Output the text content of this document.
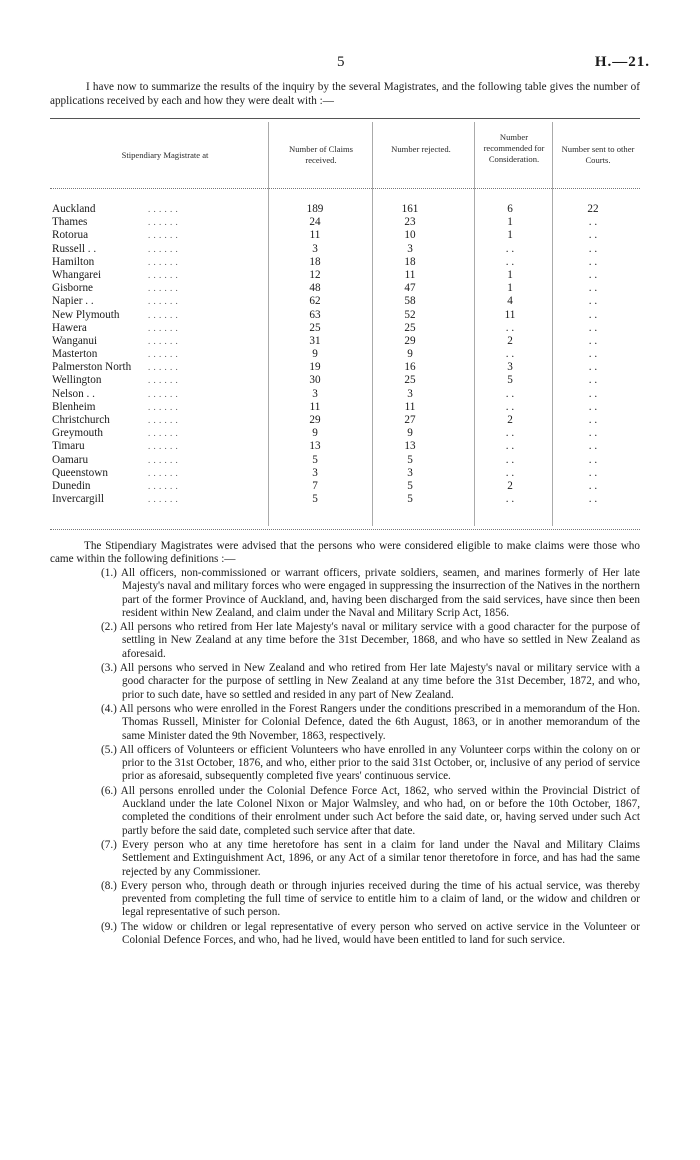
5	H.—21.
I have now to summarize the results of the inquiry by the several Magistrates, and the following table gives the number of applications received by each and how they were dealt with :—
Stipendiary Magistrate at
Number of Claims received.
Number rejected.
Number recommended for Consideration.
Number sent to other Courts.
Auckland	. . . . . .	189	161	6	22
Thames	. . . . . .	24	23	1	. .
Rotorua	. . . . . .	11	10	1	. .
Russell . .	. . . . . .	3	3	. .	. .
Hamilton	. . . . . .	18	18	. .	. .
Whangarei	. . . . . .	12	11	1	. .
Gisborne	. . . . . .	48	47	1	. .
Napier . .	. . . . . .	62	58	4	. .
New Plymouth	. . . . . .	63	52	11	. .
Hawera	. . . . . .	25	25	. .	. .
Wanganui	. . . . . .	31	29	2	. .
Masterton	. . . . . .	9	9	. .	. .
Palmerston North . . . . . .	19	16	3	. .
Wellington	. . . . . .	30	25	5	. .
Nelson . .	. . . . . .	3	3	. .	. .
Blenheim	. . . . . .	11	11	. .	. .
Christchurch	. . . . . .	29	27	2	. .
Greymouth	. . . . . .	9	9	. .	. .
Timaru	. . . . . .	13	13	. .	. .
Oamaru	. . . . . .	5	5	. .	. .
Queenstown	. . . . . .	3	3	. .	. .
Dunedin	. . . . . .	7	5	2	. .
Invercargill	. . . . . .	5	5	. .	. .
The Stipendiary Magistrates were advised that the persons who were considered eligible to make claims were those who came within the following definitions :—
(1.) All officers, non-commissioned or warrant officers, private soldiers, seamen, and marines formerly of Her late Majesty's naval and military forces who were engaged in suppressing the insurrection of the Natives in the northern part of the former Province of Auckland, and, having been discharged from the said services, have since then been resident within New Zealand, and claim under the Naval and Military Scrip Act, 1856.
(2.) All persons who retired from Her late Majesty's naval or military service with a good character for the purpose of settling in New Zealand at any time before the 31st December, 1868, and who have so settled in New Zealand as aforesaid.
(3.) All persons who served in New Zealand and who retired from Her late Majesty's naval or military service with a good character for the purpose of settling in New Zealand at any time before the 31st December, 1872, and who, prior to such date, have so settled and resided in any part of New Zealand.
(4.) All persons who were enrolled in the Forest Rangers under the conditions prescribed in a memorandum of the Hon. Thomas Russell, Minister for Colonial Defence, dated the 6th August, 1863, or in another memorandum of the same Minister dated the 9th November, 1863, respectively.
(5.) All officers of Volunteers or efficient Volunteers who have enrolled in any Volunteer corps within the colony on or prior to the 31st October, 1876, and who, either prior to the said 31st October, or, inclusive of any period of service prior as aforesaid, subsequently completed five years' continuous service.
(6.) All persons enrolled under the Colonial Defence Force Act, 1862, who served within the Provincial District of Auckland under the late Colonel Nixon or Major Walmsley, and who had, on or before the 10th October, 1867, completed the conditions of their enrolment under such Act before the said date, or, having served under such Act partly before the said date, completed such service after that date.
(7.) Every person who at any time heretofore has sent in a claim for land under the Naval and Military Claims Settlement and Extinguishment Act, 1896, or any Act of a similar tenor theretofore in force, and has had the same rejected by any Commissioner.
(8.) Every person who, through death or through injuries received during the time of his actual service, was thereby prevented from completing the full time of service to entitle him to a claim of land, or the widow and children or legal representative of such person.
(9.) The widow or children or legal representative of every person who served on active service in the Volunteer or Colonial Defence Forces, and who, had he lived, would have been entitled to land for such service.
